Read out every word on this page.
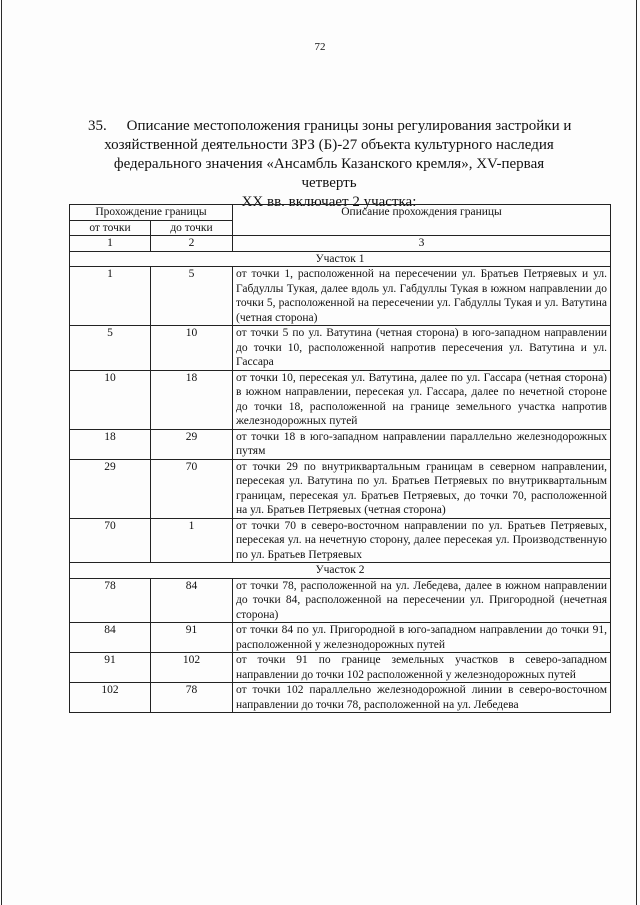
72
35.	Описание местоположения границы зоны регулирования застройки и
хозяйственной деятельности ЗРЗ (Б)-27 объекта культурного наследия
федерального значения «Ансамбль Казанского кремля», XV-первая четверть
XX вв. включает 2 участка:
Прохождение границы		Описание прохождения границы
от точки	до точки	
1	2	3
Участок 1		
1	5	от точки 1, расположенной на пересечении ул. Братьев Петряевых и ул. Габдуллы Тукая, далее вдоль ул. Габдуллы Тукая в южном направлении до точки 5, расположенной на пересечении ул. Габдуллы Тукая и ул. Ватутина (четная сторона)
5	10	от точки 5 по ул. Ватутина (четная сторона) в юго-западном направлении до точки 10, расположенной напротив пересечения ул. Ватутина и ул. Гассара
10	18	от точки 10, пересекая ул. Ватутина, далее по ул. Гассара (четная сторона) в южном направлении, пересекая ул. Гассара, далее по нечетной стороне до точки 18, расположенной на границе земельного участка напротив железнодорожных путей
18	29	от точки 18 в юго-западном направлении параллельно железнодорожных путям
29	70	от точки 29 по внутриквартальным границам в северном направлении, пересекая ул. Ватутина по ул. Братьев Петряевых по внутриквартальным границам, пересекая ул. Братьев Петряевых, до точки 70, расположенной на ул. Братьев Петряевых (четная сторона)
70	1	от точки 70 в северо-восточном направлении по ул. Братьев Петряевых, пересекая ул. на нечетную сторону, далее пересекая ул. Производственную по ул. Братьев Петряевых
Участок 2		
78	84	от точки 78, расположенной на ул. Лебедева, далее в южном направлении до точки 84, расположенной на пересечении ул. Пригородной (нечетная сторона)
84	91	от точки 84 по ул. Пригородной в юго-западном направлении до точки 91, расположенной у железнодорожных путей
91	102	от точки 91 по границе земельных участков в северо-западном направлении до точки 102 расположенной у железнодорожных путей
102	78	от точки 102 параллельно железнодорожной линии в северо-восточном направлении до точки 78, расположенной на ул. Лебедева
